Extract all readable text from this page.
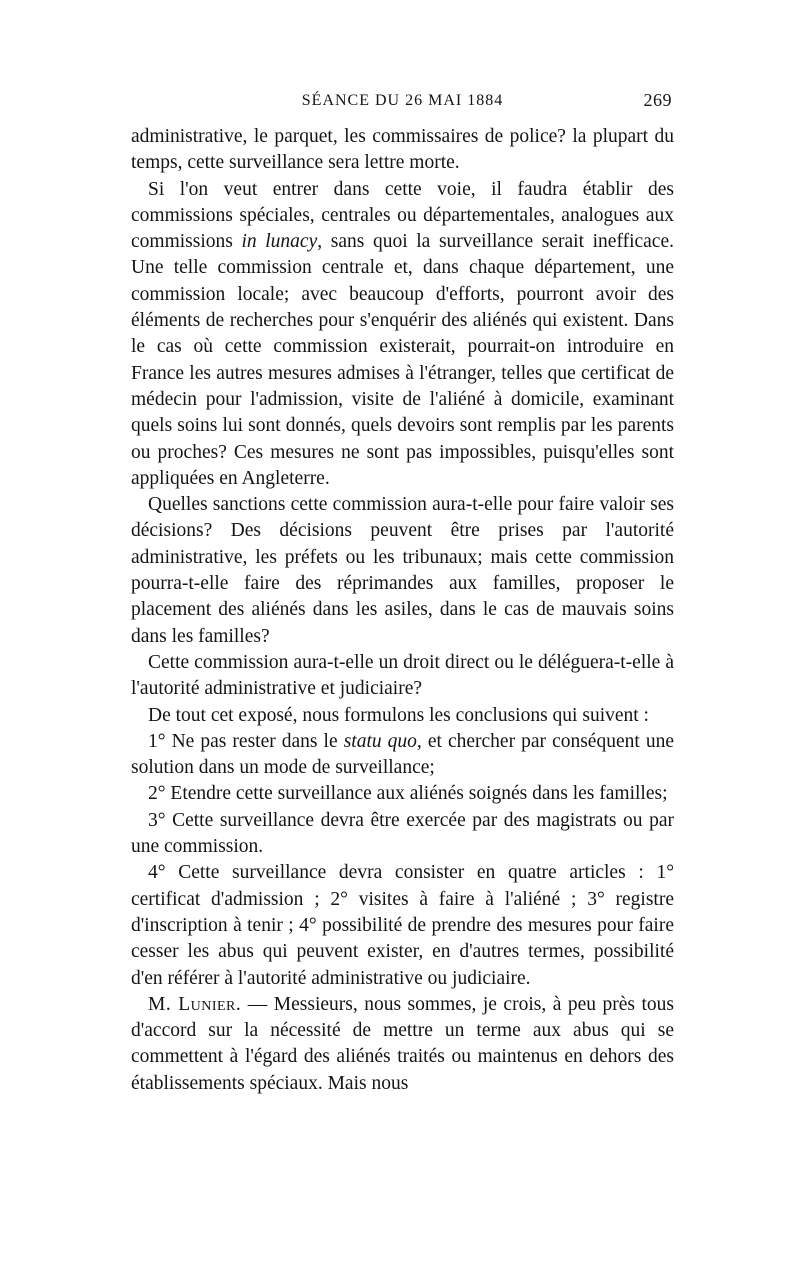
SÉANCE DU 26 MAI 1884	269

administrative, le parquet, les commissaires de police? la plupart du temps, cette surveillance sera lettre morte.

Si l'on veut entrer dans cette voie, il faudra établir des commissions spéciales, centrales ou départementales, analogues aux commissions in lunacy, sans quoi la surveillance serait inefficace. Une telle commission centrale et, dans chaque département, une commission locale; avec beaucoup d'efforts, pourront avoir des éléments de recherches pour s'enquérir des aliénés qui existent. Dans le cas où cette commission existerait, pourrait-on introduire en France les autres mesures admises à l'étranger, telles que certificat de médecin pour l'admission, visite de l'aliéné à domicile, examinant quels soins lui sont donnés, quels devoirs sont remplis par les parents ou proches? Ces mesures ne sont pas impossibles, puisqu'elles sont appliquées en Angleterre.

Quelles sanctions cette commission aura-t-elle pour faire valoir ses décisions? Des décisions peuvent être prises par l'autorité administrative, les préfets ou les tribunaux; mais cette commission pourra-t-elle faire des réprimandes aux familles, proposer le placement des aliénés dans les asiles, dans le cas de mauvais soins dans les familles?

Cette commission aura-t-elle un droit direct ou le déléguera-t-elle à l'autorité administrative et judiciaire?

De tout cet exposé, nous formulons les conclusions qui suivent :

1° Ne pas rester dans le statu quo, et chercher par conséquent une solution dans un mode de surveillance;

2° Etendre cette surveillance aux aliénés soignés dans les familles;

3° Cette surveillance devra être exercée par des magistrats ou par une commission.

4° Cette surveillance devra consister en quatre articles : 1° certificat d'admission ; 2° visites à faire à l'aliéné ; 3° registre d'inscription à tenir ; 4° possibilité de prendre des mesures pour faire cesser les abus qui peuvent exister, en d'autres termes, possibilité d'en référer à l'autorité administrative ou judiciaire.

M. Lunier. — Messieurs, nous sommes, je crois, à peu près tous d'accord sur la nécessité de mettre un terme aux abus qui se commettent à l'égard des aliénés traités ou maintenus en dehors des établissements spéciaux. Mais nous
